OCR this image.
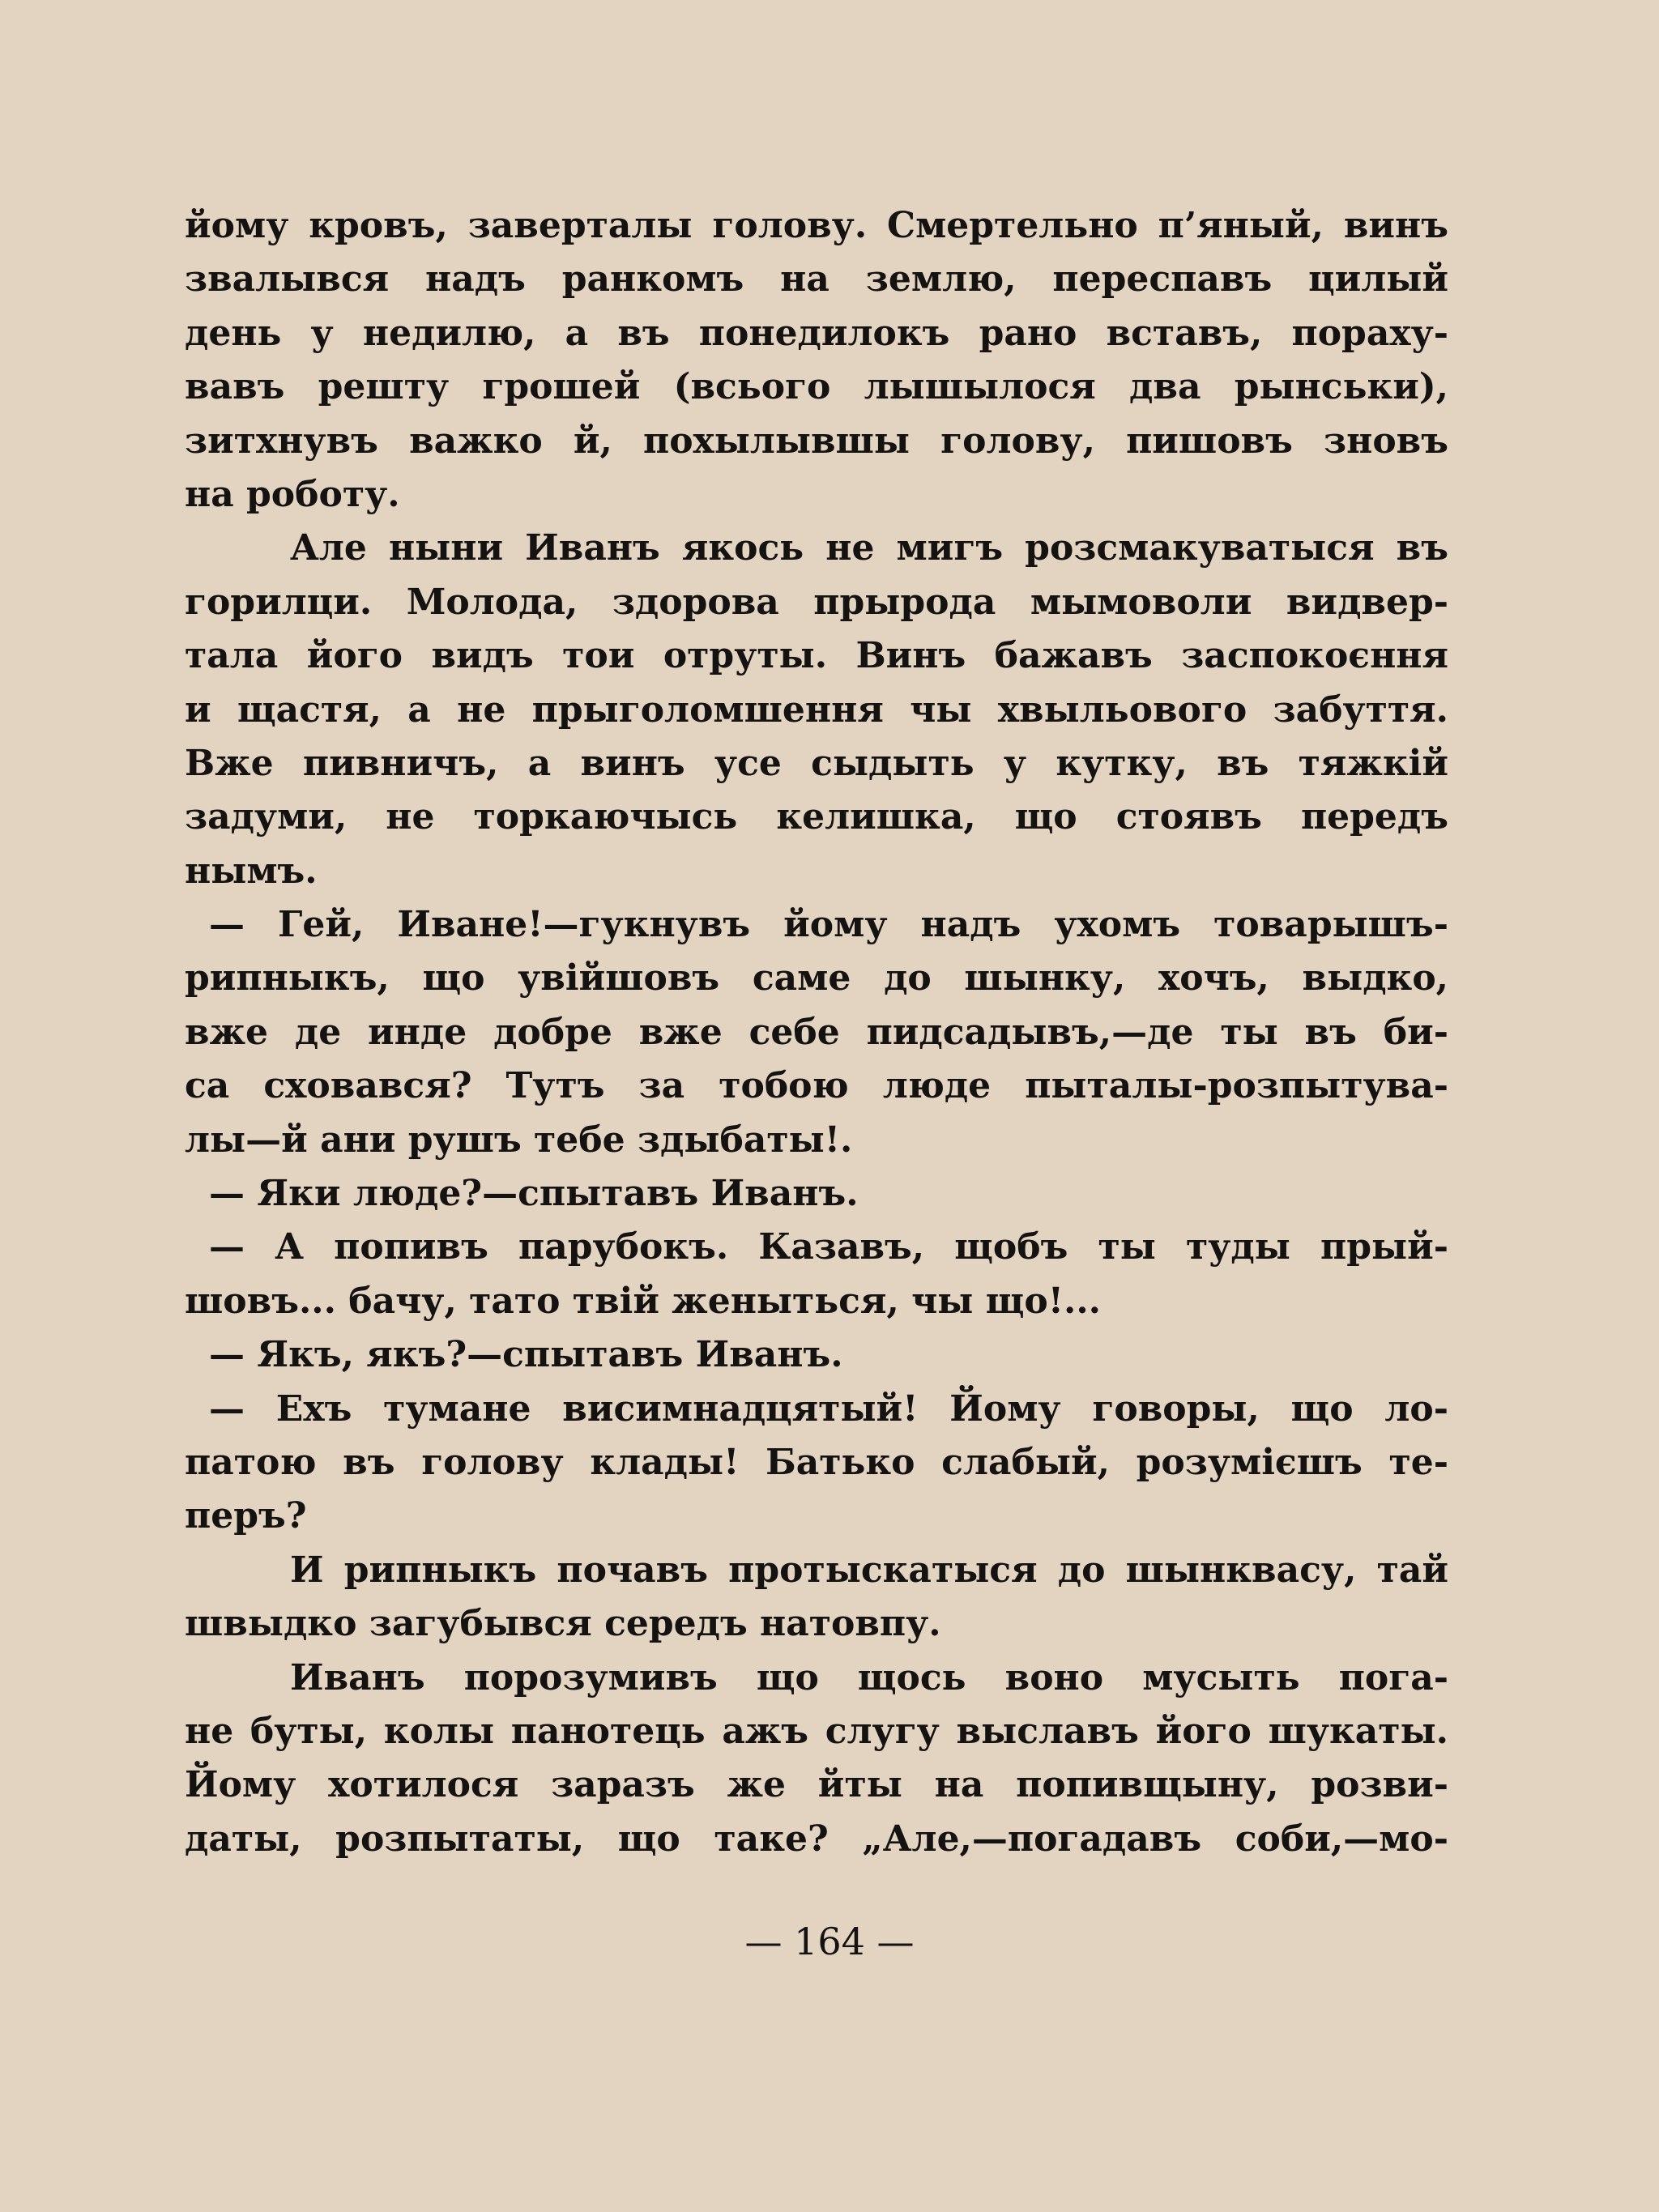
йому кровъ, завертaлы голову. Смертельно п’яный, винъ
звалывся надъ ранкомъ на землю, переспавъ цилый
день у недилю, а въ понедилокъ рано вставъ, пораху-
вавъ решту грошей (всього лышылося два рынськи),
зитхнувъ важко й, похылывшы голову, пишовъ зновъ
на роботу.
Але ныни Иванъ якось не мигъ розсмакуватыся въ
горилци. Молода, здорова прырода мымоволи видвер-
тала його видъ тои отруты. Винъ бажавъ заспокоєння
и щастя, а не прыголомшення чы хвыльового забуття.
Вже пивничъ, а винъ усе сыдыть у кутку, въ тяжкій
задуми, не торкаючысь келишка, що стоявъ передъ
нымъ.
— Гей, Иване!—гукнувъ йому надъ ухомъ товарышъ-
рипныкъ, що увійшовъ саме до шынку, хочъ, выдко,
вже де инде добре вже себе пидсадывъ,—де ты въ би-
са сховався? Тутъ за тобою люде пыталы-розпытува-
лы—й ани рушъ тебе здыбаты!.
— Яки люде?—спытавъ Иванъ.
— А попивъ парубокъ. Казавъ, щобъ ты туды прый-
шовъ... бачу, тато твій женыться, чы що!...
— Якъ, якъ?—спытавъ Иванъ.
— Ехъ тумане висимнадцятый! Йому говоры, що ло-
патою въ голову клады! Батько слабый, розумієшъ те-
перъ?
И рипныкъ почавъ протыскатыся до шынквасу, тай
швыдко загубывся середъ натовпу.
Иванъ порозумивъ що щось воно мусыть пога-
не буты, колы панотець ажъ слугу выславъ його шукаты.
Йому хотилося заразъ же йты на попивщыну, розви-
даты, розпытаты, що таке? „Але,—погадавъ соби,—мо-
— 164 —
